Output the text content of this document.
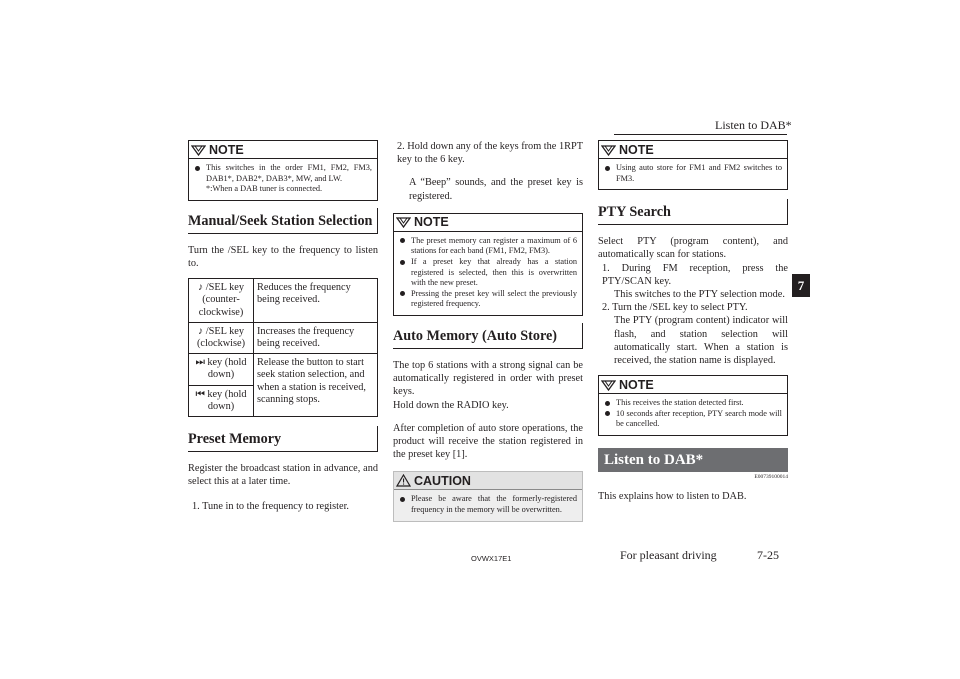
Listen to DAB*
7
NOTE
This switches in the order FM1, FM2, FM3, DAB1*, DAB2*, DAB3*, MW, and LW.
*:When a DAB tuner is connected.
Manual/Seek Station Selection
Turn the /SEL key to the frequency to listen to.
♪ /SEL key (counter-clockwise)	Reduces the frequency being received.
♪ /SEL key (clockwise)	Increases the frequency being received.
⏭ key (hold down)	Release the button to start seek station selection, and when a station is received, scanning stops.
⏮ key (hold down)	
Preset Memory
Register the broadcast station in advance, and select this at a later time.
1. Tune in to the frequency to register.
2. Hold down any of the keys from the 1RPT key to the 6 key.
A “Beep” sounds, and the preset key is registered.
NOTE
The preset memory can register a maximum of 6 stations for each band (FM1, FM2, FM3).
If a preset key that already has a station registered is selected, then this is overwritten with the new preset.
Pressing the preset key will select the previously registered frequency.
Auto Memory (Auto Store)
The top 6 stations with a strong signal can be automatically registered in order with preset keys.
Hold down the RADIO key.
After completion of auto store operations, the product will receive the station registered in the preset key [1].
CAUTION
Please be aware that the formerly-registered frequency in the memory will be overwritten.
NOTE
Using auto store for FM1 and FM2 switches to FM3.
PTY Search
Select PTY (program content), and automatically scan for stations.
1. During FM reception, press the PTY/SCAN key.
This switches to the PTY selection mode.
2. Turn the /SEL key to select PTY.
The PTY (program content) indicator will flash, and station selection will automatically start. When a station is received, the station name is displayed.
NOTE
This receives the station detected first.
10 seconds after reception, PTY search mode will be cancelled.
Listen to DAB*
E00739100014
This explains how to listen to DAB.
OVWX17E1	For pleasant driving	7-25
